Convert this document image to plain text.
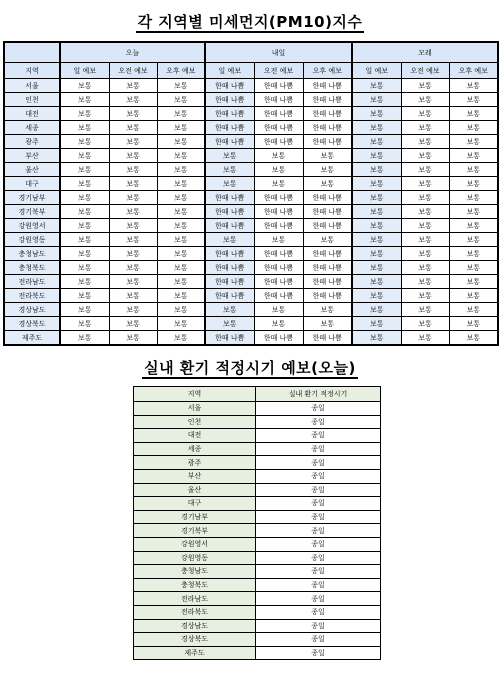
각 지역별 미세먼지(PM10)지수
	오늘			내일			모레		
지역	일 예보	오전 예보	오후 예보	일 예보	오전 예보	오후 예보	일 예보	오전 예보	오후 예보
서울	보통	보통	보통	한때 나쁨	한때 나쁨	한때 나쁨	보통	보통	보통
인천	보통	보통	보통	한때 나쁨	한때 나쁨	한때 나쁨	보통	보통	보통
대전	보통	보통	보통	한때 나쁨	한때 나쁨	한때 나쁨	보통	보통	보통
세종	보통	보통	보통	한때 나쁨	한때 나쁨	한때 나쁨	보통	보통	보통
광주	보통	보통	보통	한때 나쁨	한때 나쁨	한때 나쁨	보통	보통	보통
부산	보통	보통	보통	보통	보통	보통	보통	보통	보통
울산	보통	보통	보통	보통	보통	보통	보통	보통	보통
대구	보통	보통	보통	보통	보통	보통	보통	보통	보통
경기남부	보통	보통	보통	한때 나쁨	한때 나쁨	한때 나쁨	보통	보통	보통
경기북부	보통	보통	보통	한때 나쁨	한때 나쁨	한때 나쁨	보통	보통	보통
강원영서	보통	보통	보통	한때 나쁨	한때 나쁨	한때 나쁨	보통	보통	보통
강원영동	보통	보통	보통	보통	보통	보통	보통	보통	보통
충청남도	보통	보통	보통	한때 나쁨	한때 나쁨	한때 나쁨	보통	보통	보통
충청북도	보통	보통	보통	한때 나쁨	한때 나쁨	한때 나쁨	보통	보통	보통
전라남도	보통	보통	보통	한때 나쁨	한때 나쁨	한때 나쁨	보통	보통	보통
전라북도	보통	보통	보통	한때 나쁨	한때 나쁨	한때 나쁨	보통	보통	보통
경상남도	보통	보통	보통	보통	보통	보통	보통	보통	보통
경상북도	보통	보통	보통	보통	보통	보통	보통	보통	보통
제주도	보통	보통	보통	한때 나쁨	한때 나쁨	한때 나쁨	보통	보통	보통
실내 환기 적정시기 예보(오늘)
지역	실내 환기 적정시기
서울	종일
인천	종일
대전	종일
세종	종일
광주	종일
부산	종일
울산	종일
대구	종일
경기남부	종일
경기북부	종일
강원영서	종일
강원영동	종일
충청남도	종일
충청북도	종일
전라남도	종일
전라북도	종일
경상남도	종일
경상북도	종일
제주도	종일
